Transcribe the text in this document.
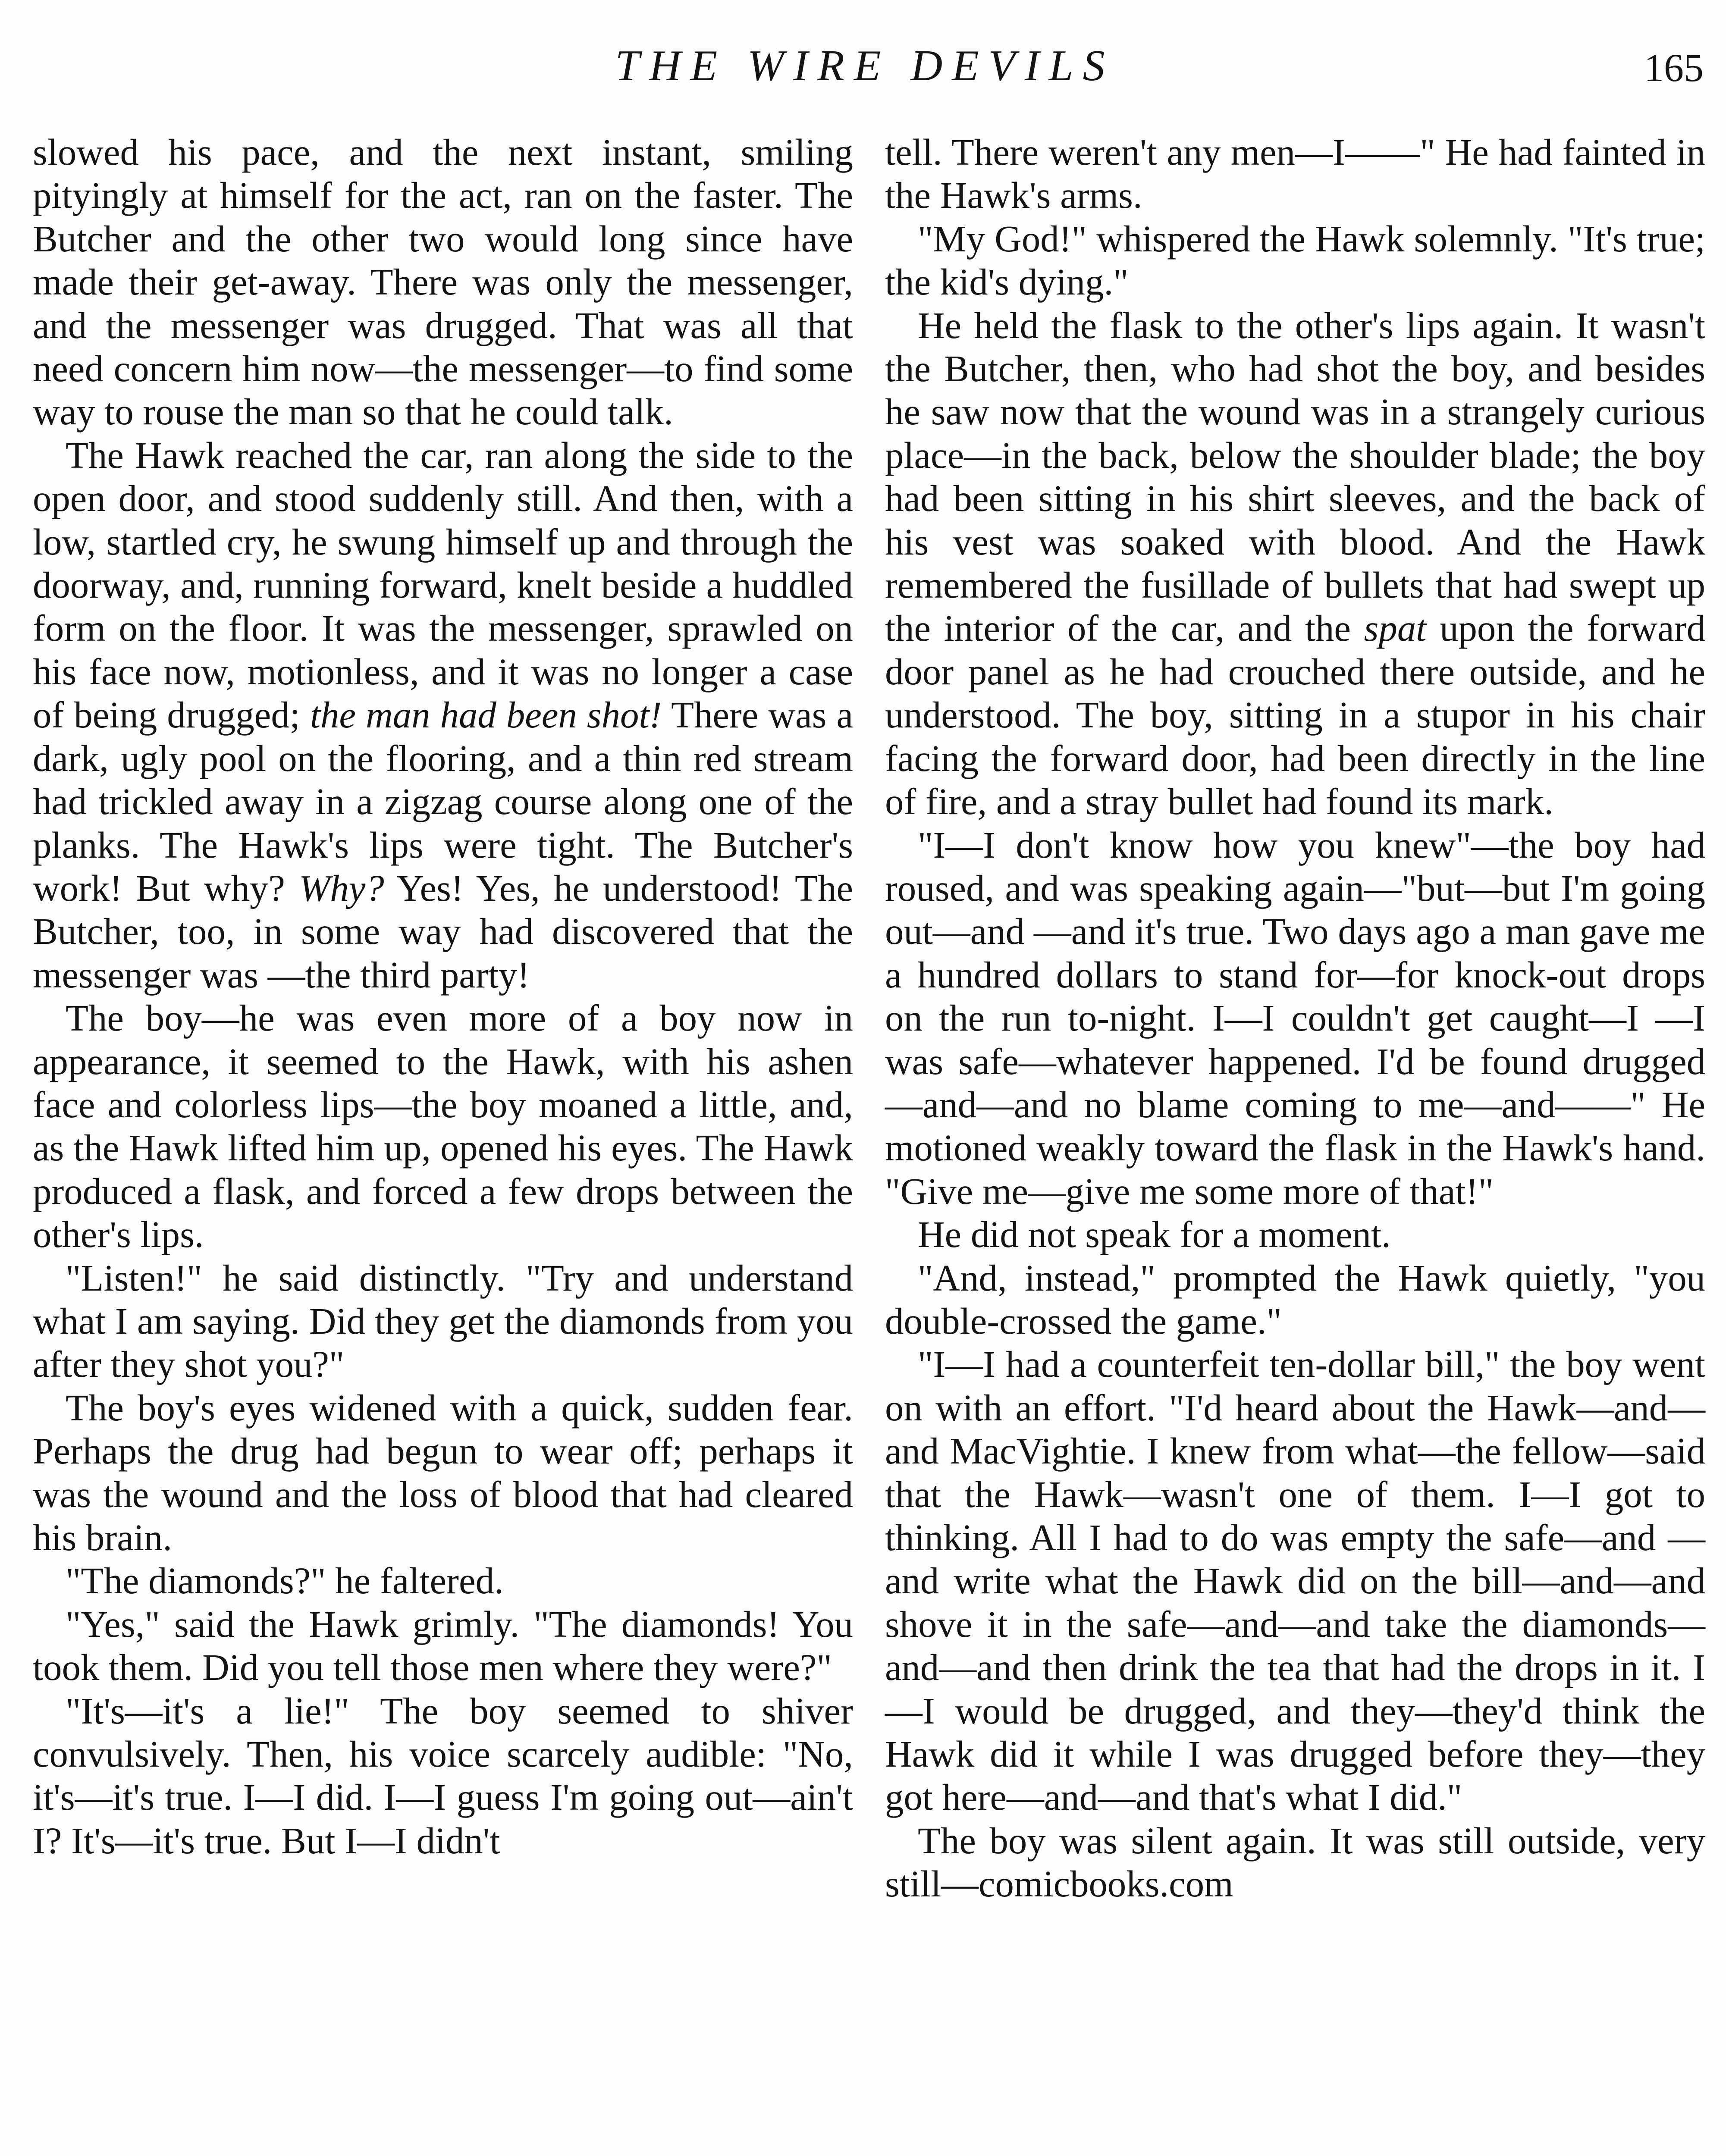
THE WIRE DEVILS	165

slowed his pace, and the next instant, smiling pityingly at himself for the act, ran on the faster. The Butcher and the other two would long since have made their get-away. There was only the messenger, and the messenger was drugged. That was all that need concern him now—the messenger—to find some way to rouse the man so that he could talk.

The Hawk reached the car, ran along the side to the open door, and stood suddenly still. And then, with a low, startled cry, he swung himself up and through the doorway, and, running forward, knelt beside a huddled form on the floor. It was the messenger, sprawled on his face now, motionless, and it was no longer a case of being drugged; the man had been shot! There was a dark, ugly pool on the flooring, and a thin red stream had trickled away in a zigzag course along one of the planks. The Hawk's lips were tight. The Butcher's work! But why? Why? Yes! Yes, he understood! The Butcher, too, in some way had discovered that the messenger was —the third party!

The boy—he was even more of a boy now in appearance, it seemed to the Hawk, with his ashen face and colorless lips—the boy moaned a little, and, as the Hawk lifted him up, opened his eyes. The Hawk produced a flask, and forced a few drops between the other's lips.

"Listen!" he said distinctly. "Try and understand what I am saying. Did they get the diamonds from you after they shot you?"

The boy's eyes widened with a quick, sudden fear. Perhaps the drug had begun to wear off; perhaps it was the wound and the loss of blood that had cleared his brain.

"The diamonds?" he faltered.

"Yes," said the Hawk grimly. "The diamonds! You took them. Did you tell those men where they were?"

"It's—it's a lie!" The boy seemed to shiver convulsively. Then, his voice scarcely audible: "No, it's—it's true. I—I did. I—I guess I'm going out—ain't I? It's—it's true. But I—I didn't

tell. There weren't any men—I——" He had fainted in the Hawk's arms.

"My God!" whispered the Hawk solemnly. "It's true; the kid's dying."

He held the flask to the other's lips again. It wasn't the Butcher, then, who had shot the boy, and besides he saw now that the wound was in a strangely curious place—in the back, below the shoulder blade; the boy had been sitting in his shirt sleeves, and the back of his vest was soaked with blood. And the Hawk remembered the fusillade of bullets that had swept up the interior of the car, and the spat upon the forward door panel as he had crouched there outside, and he understood. The boy, sitting in a stupor in his chair facing the forward door, had been directly in the line of fire, and a stray bullet had found its mark.

"I—I don't know how you knew"—the boy had roused, and was speaking again—"but—but I'm going out—and —and it's true. Two days ago a man gave me a hundred dollars to stand for—for knock-out drops on the run to-night. I—I couldn't get caught—I —I was safe—whatever happened. I'd be found drugged—and—and no blame coming to me—and——" He motioned weakly toward the flask in the Hawk's hand. "Give me—give me some more of that!"

He did not speak for a moment.

"And, instead," prompted the Hawk quietly, "you double-crossed the game."

"I—I had a counterfeit ten-dollar bill," the boy went on with an effort. "I'd heard about the Hawk—and—and MacVightie. I knew from what—the fellow—said that the Hawk—wasn't one of them. I—I got to thinking. All I had to do was empty the safe—and —and write what the Hawk did on the bill—and—and shove it in the safe—and—and take the diamonds—and—and then drink the tea that had the drops in it. I—I would be drugged, and they—they'd think the Hawk did it while I was drugged before they—they got here—and—and that's what I did."

The boy was silent again. It was still outside, very still—comicbooks.com
